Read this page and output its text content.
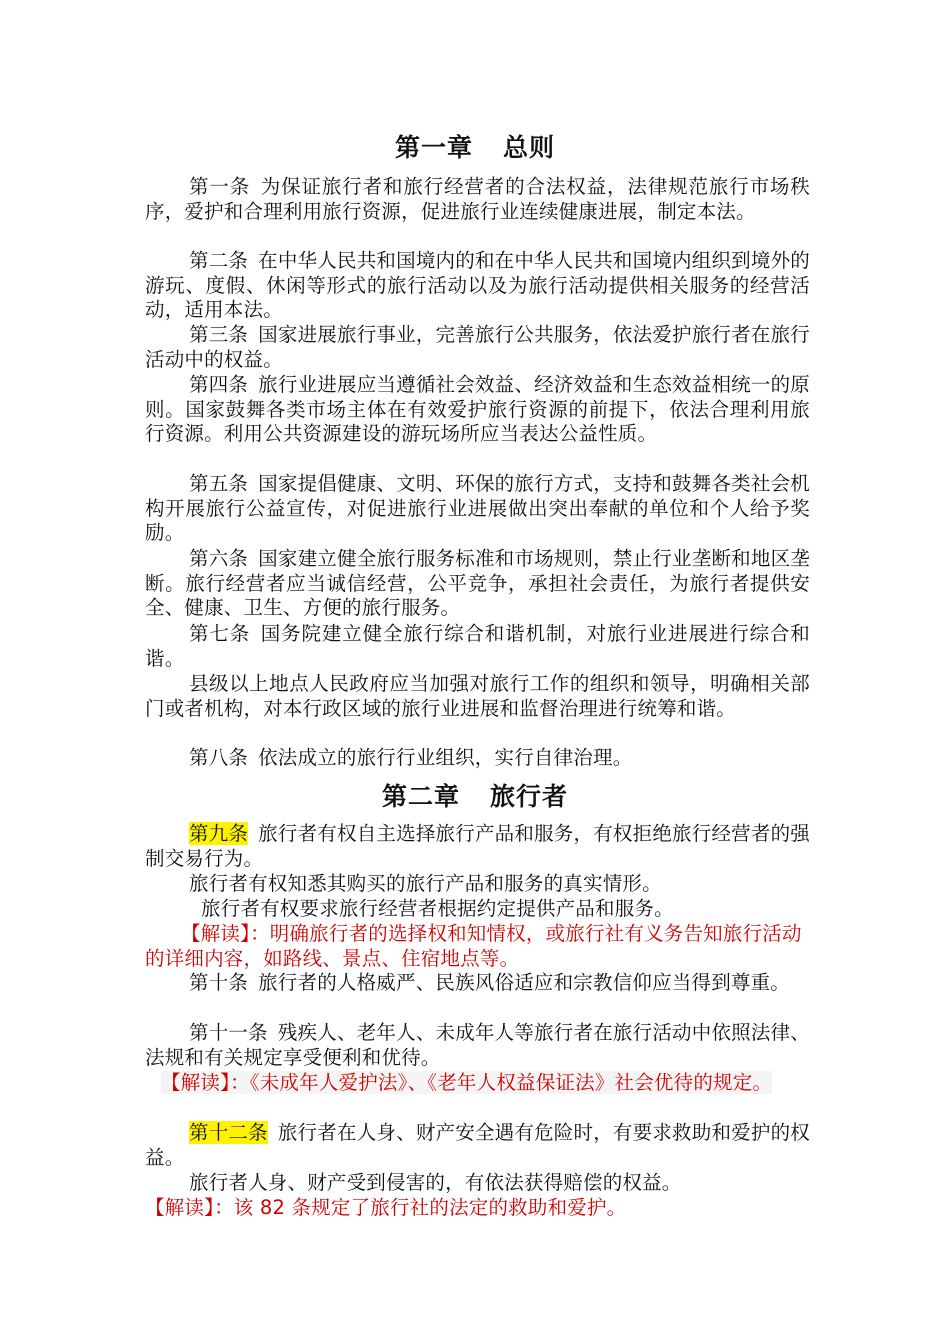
第一章 总则

第一条 为保证旅行者和旅行经营者的合法权益，法律规范旅行市场秩序，爱护和合理利用旅行资源，促进旅行业连续健康进展，制定本法。

第二条 在中华人民共和国境内的和在中华人民共和国境内组织到境外的游玩、度假、休闲等形式的旅行活动以及为旅行活动提供相关服务的经营活动，适用本法。

第三条 国家进展旅行事业，完善旅行公共服务，依法爱护旅行者在旅行活动中的权益。

第四条 旅行业进展应当遵循社会效益、经济效益和生态效益相统一的原则。国家鼓舞各类市场主体在有效爱护旅行资源的前提下，依法合理利用旅行资源。利用公共资源建设的游玩场所应当表达公益性质。

第五条 国家提倡健康、文明、环保的旅行方式，支持和鼓舞各类社会机构开展旅行公益宣传，对促进旅行业进展做出突出奉献的单位和个人给予奖励。

第六条 国家建立健全旅行服务标准和市场规则，禁止行业垄断和地区垄断。旅行经营者应当诚信经营，公平竞争，承担社会责任，为旅行者提供安全、健康、卫生、方便的旅行服务。

第七条 国务院建立健全旅行综合和谐机制，对旅行业进展进行综合和谐。

县级以上地点人民政府应当加强对旅行工作的组织和领导，明确相关部门或者机构，对本行政区域的旅行业进展和监督治理进行统筹和谐。

第八条 依法成立的旅行行业组织，实行自律治理。

第二章 旅行者

第九条 旅行者有权自主选择旅行产品和服务，有权拒绝旅行经营者的强制交易行为。

旅行者有权知悉其购买的旅行产品和服务的真实情形。

旅行者有权要求旅行经营者根据约定提供产品和服务。

【解读】：明确旅行者的选择权和知情权，或旅行社有义务告知旅行活动的详细内容，如路线、景点、住宿地点等。

第十条 旅行者的人格威严、民族风俗适应和宗教信仰应当得到尊重。

第十一条 残疾人、老年人、未成年人等旅行者在旅行活动中依照法律、法规和有关规定享受便利和优待。

【解读】：《未成年人爱护法》、《老年人权益保证法》社会优待的规定。

第十二条 旅行者在人身、财产安全遇有危险时，有要求救助和爱护的权益。

旅行者人身、财产受到侵害的，有依法获得赔偿的权益。

【解读】：该 82 条规定了旅行社的法定的救助和爱护。
